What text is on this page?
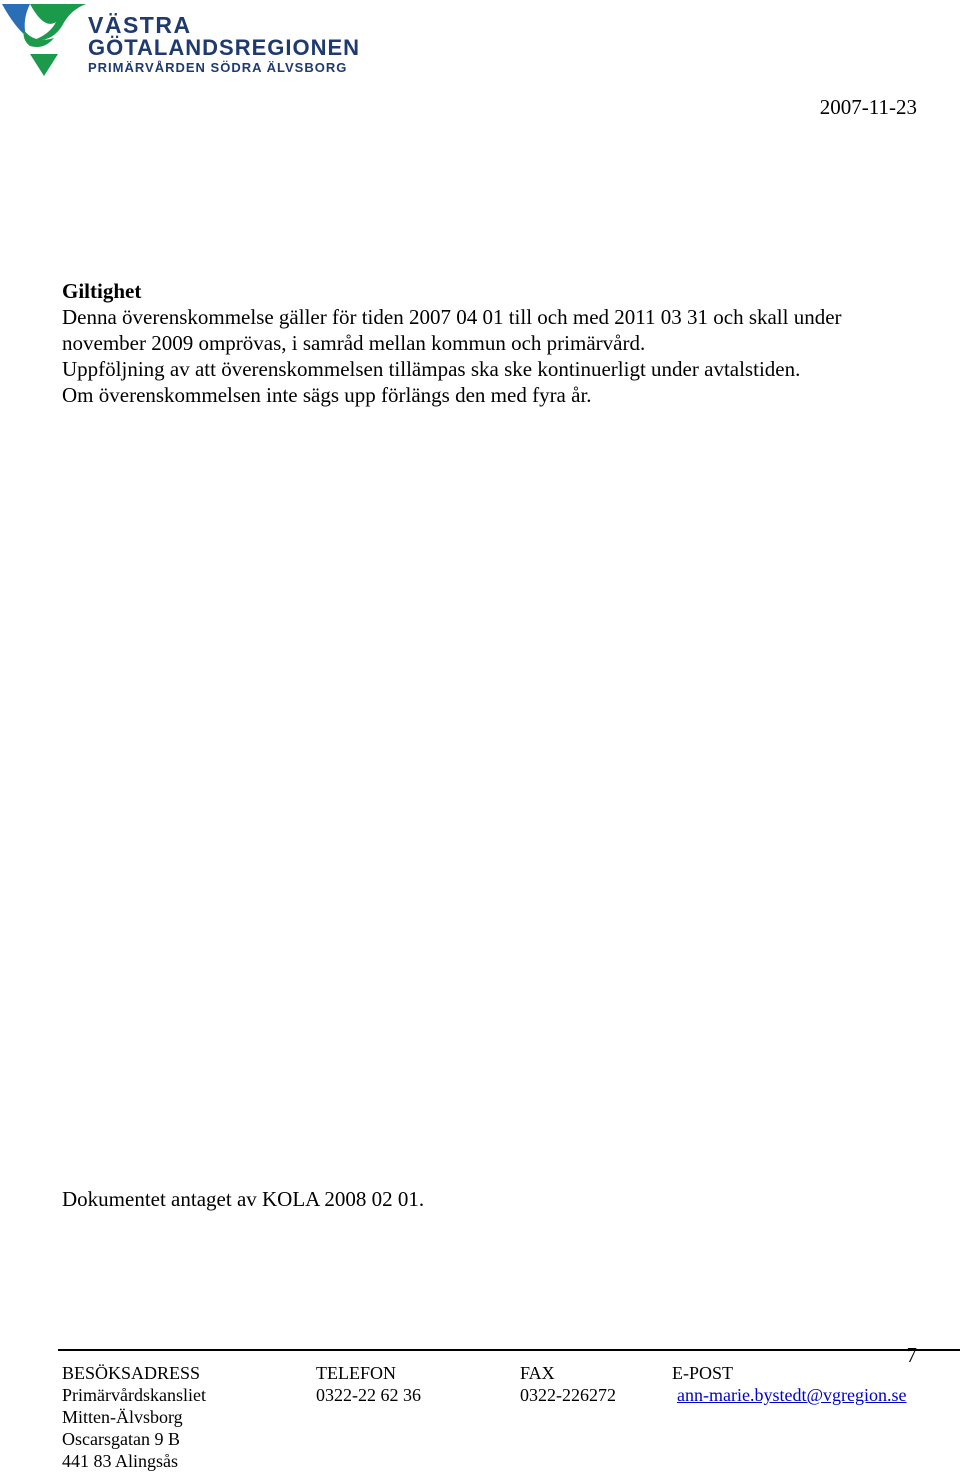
VÄSTRA
GÖTALANDSREGIONEN
PRIMÄRVÅRDEN SÖDRA ÄLVSBORG
2007-11-23
Giltighet

Denna överenskommelse gäller för tiden 2007 04 01 till och med 2011 03 31 och skall under november 2009 omprövas, i samråd mellan kommun och primärvård.

Uppföljning av att överenskommelsen tillämpas ska ske kontinuerligt under avtalstiden.

Om överenskommelsen inte sägs upp förlängs den med fyra år.

Dokumentet antaget av KOLA 2008 02 01.
7
BESÖKSADRESS
Primärvårdskansliet
Mitten-Älvsborg
Oscarsgatan 9 B
441 83 Alingsås
TELEFON
0322-22 62 36
FAX
0322-226272
E-POST
ann-marie.bystedt@vgregion.se
